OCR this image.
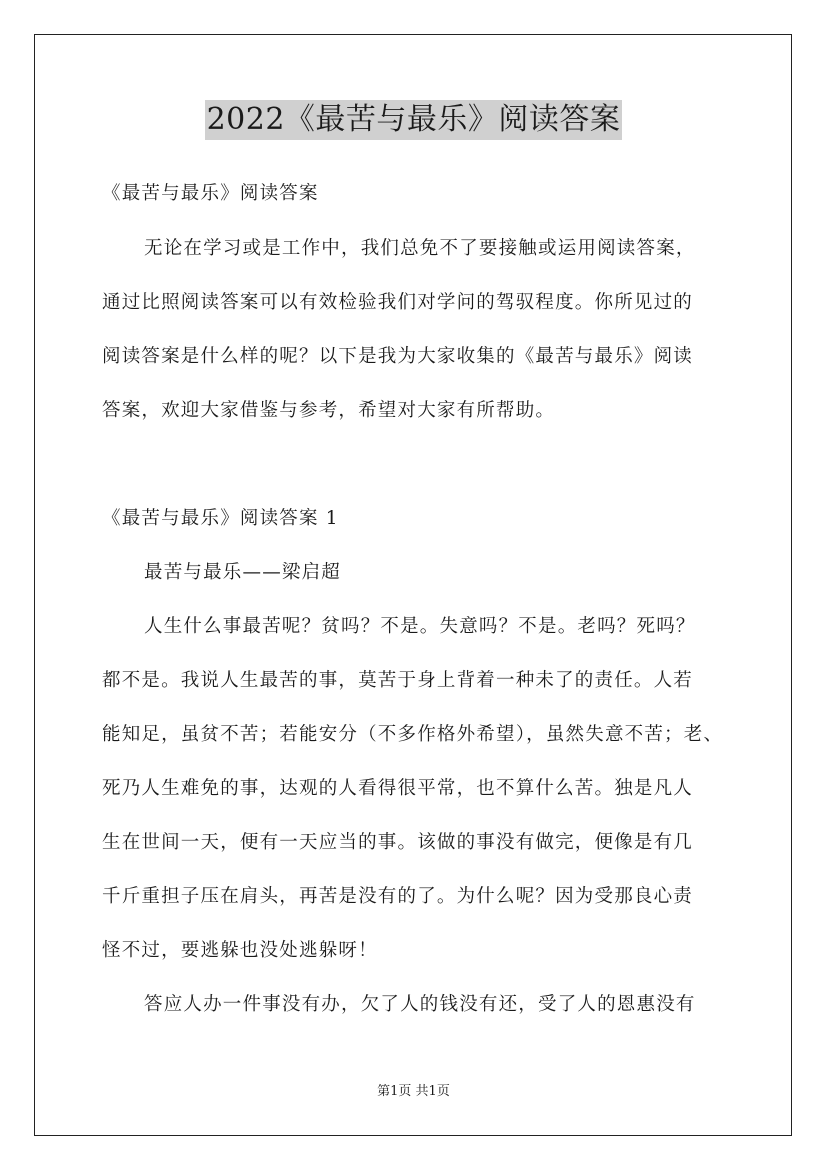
2022《最苦与最乐》阅读答案
《最苦与最乐》阅读答案
无论在学习或是工作中，我们总免不了要接触或运用阅读答案，
通过比照阅读答案可以有效检验我们对学问的驾驭程度。你所见过的
阅读答案是什么样的呢？以下是我为大家收集的《最苦与最乐》阅读
答案，欢迎大家借鉴与参考，希望对大家有所帮助。
《最苦与最乐》阅读答案 1
最苦与最乐——梁启超
人生什么事最苦呢？贫吗？不是。失意吗？不是。老吗？死吗？
都不是。我说人生最苦的事，莫苦于身上背着一种未了的责任。人若
能知足，虽贫不苦；若能安分（不多作格外希望），虽然失意不苦；老、
死乃人生难免的事，达观的人看得很平常，也不算什么苦。独是凡人
生在世间一天，便有一天应当的事。该做的事没有做完，便像是有几
千斤重担子压在肩头，再苦是没有的了。为什么呢？因为受那良心责
怪不过，要逃躲也没处逃躲呀！
答应人办一件事没有办，欠了人的钱没有还，受了人的恩惠没有
第1页 共1页
